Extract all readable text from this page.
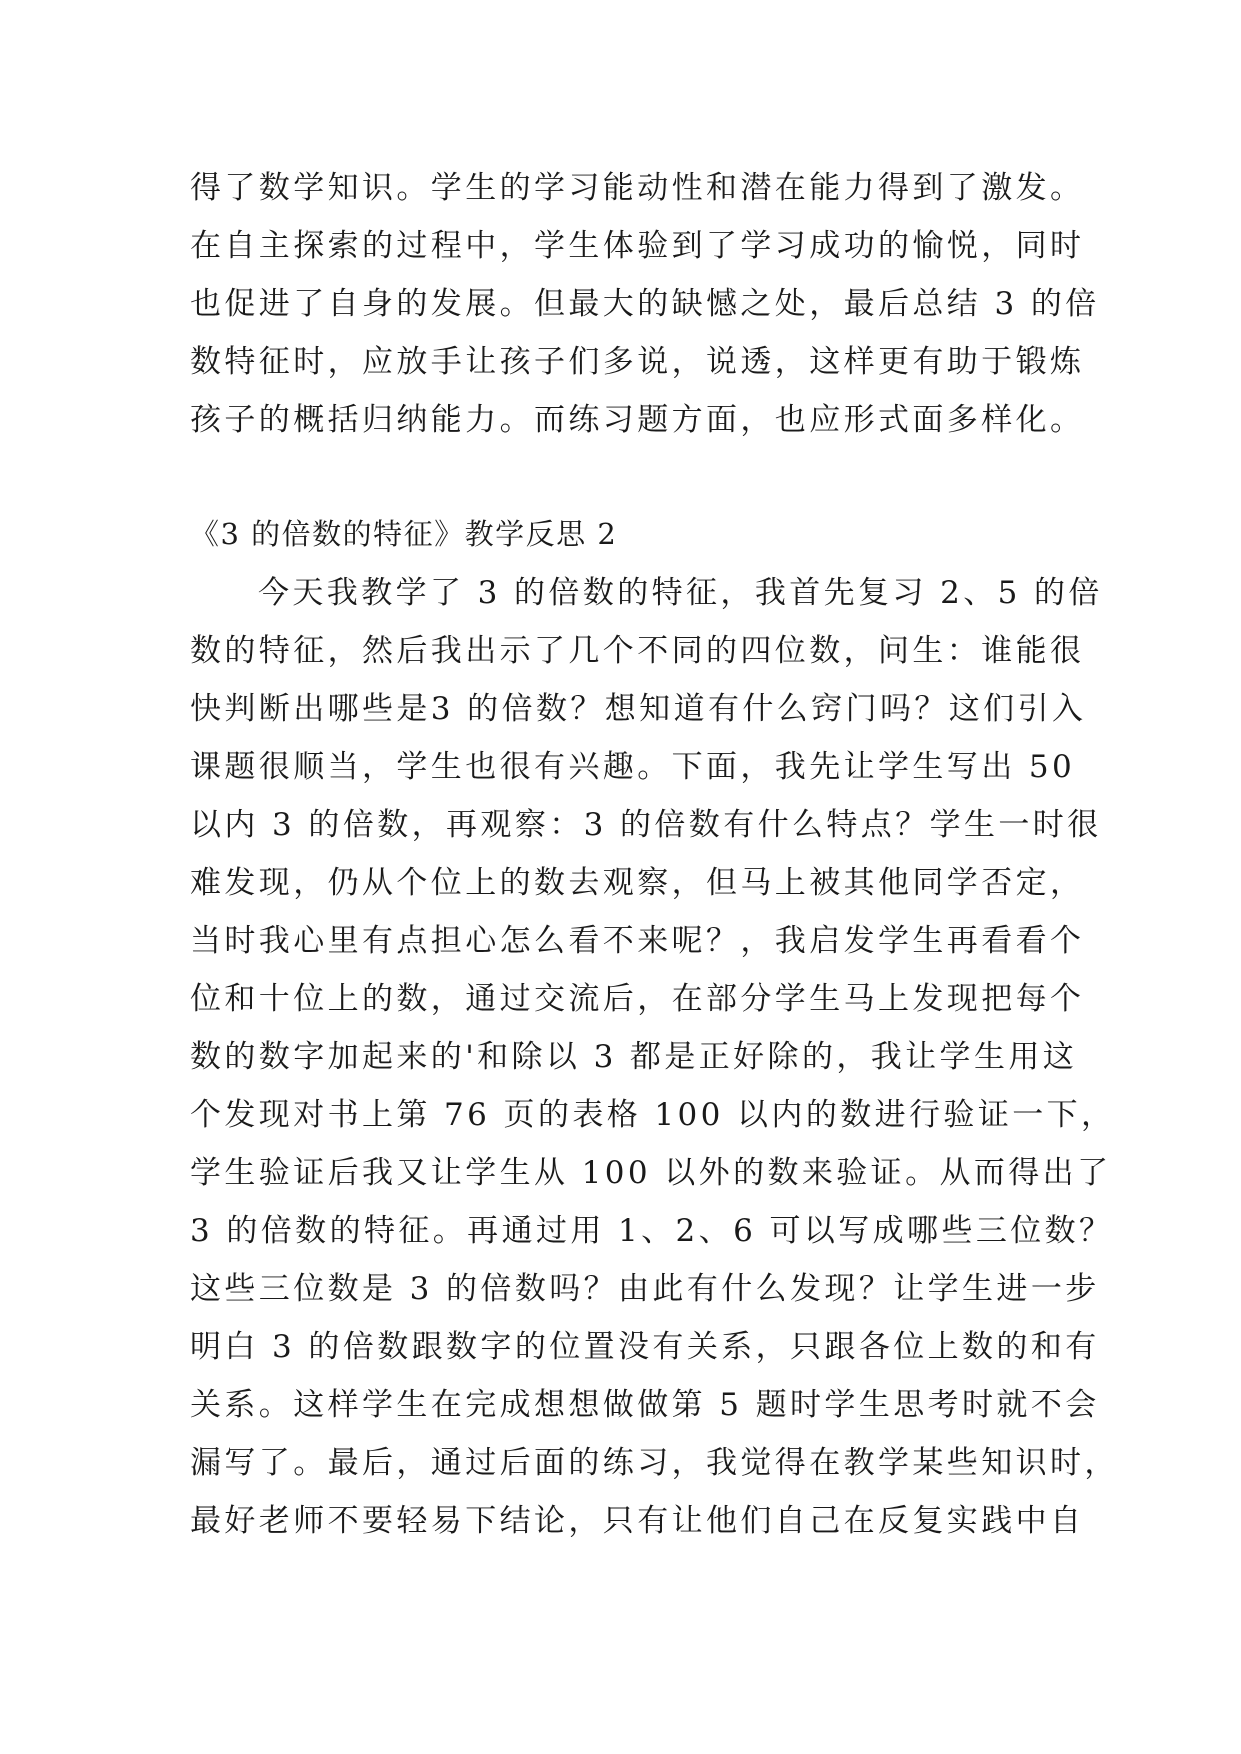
得了数学知识。学生的学习能动性和潜在能力得到了激发。
在自主探索的过程中，学生体验到了学习成功的愉悦，同时
也促进了自身的发展。但最大的缺憾之处，最后总结 3 的倍
数特征时，应放手让孩子们多说，说透，这样更有助于锻炼
孩子的概括归纳能力。而练习题方面，也应形式面多样化。
《3 的倍数的特征》教学反思 2
今天我教学了 3 的倍数的特征，我首先复习 2、5 的倍
数的特征，然后我出示了几个不同的四位数，问生：谁能很
快判断出哪些是3 的倍数？想知道有什么窍门吗？这们引入
课题很顺当，学生也很有兴趣。下面，我先让学生写出 50
以内 3 的倍数，再观察：3 的倍数有什么特点？学生一时很
难发现，仍从个位上的数去观察，但马上被其他同学否定，
当时我心里有点担心怎么看不来呢？，我启发学生再看看个
位和十位上的数，通过交流后，在部分学生马上发现把每个
数的数字加起来的'和除以 3 都是正好除的，我让学生用这
个发现对书上第 76 页的表格 100 以内的数进行验证一下，
学生验证后我又让学生从 100 以外的数来验证。从而得出了
3 的倍数的特征。再通过用 1、2、6 可以写成哪些三位数？
这些三位数是 3 的倍数吗？由此有什么发现？让学生进一步
明白 3 的倍数跟数字的位置没有关系，只跟各位上数的和有
关系。这样学生在完成想想做做第 5 题时学生思考时就不会
漏写了。最后，通过后面的练习，我觉得在教学某些知识时，
最好老师不要轻易下结论，只有让他们自己在反复实践中自
